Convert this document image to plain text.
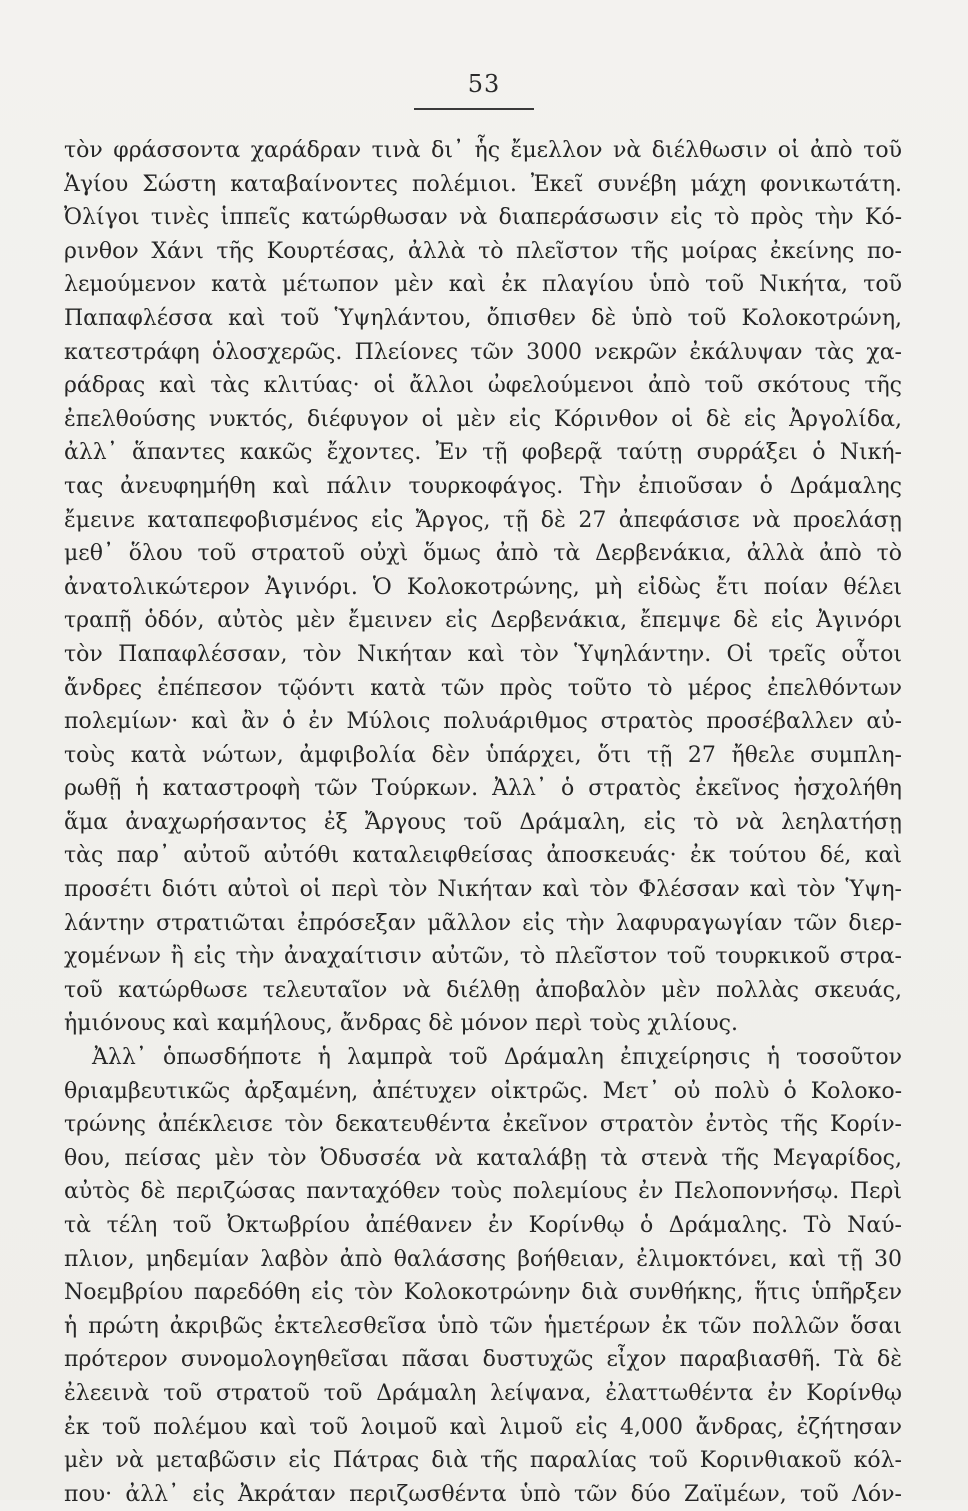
53
τὸν φράσσοντα χαράδραν τινὰ δι᾽ ἧς ἔμελλον νὰ διέλθωσιν οἱ ἀπὸ τοῦ
Ἁγίου Σώστη καταβαίνοντες πολέμιοι. Ἐκεῖ συνέβη μάχη φονικωτάτη.
Ὀλίγοι τινὲς ἱππεῖς κατώρθωσαν νὰ διαπεράσωσιν εἰς τὸ πρὸς τὴν Κό-
ρινθον Χάνι τῆς Κουρτέσας, ἀλλὰ τὸ πλεῖστον τῆς μοίρας ἐκείνης πο-
λεμούμενον κατὰ μέτωπον μὲν καὶ ἐκ πλαγίου ὑπὸ τοῦ Νικήτα, τοῦ
Παπαφλέσσα καὶ τοῦ Ὑψηλάντου, ὄπισθεν δὲ ὑπὸ τοῦ Κολοκοτρώνη,
κατεστράφη ὁλοσχερῶς. Πλείονες τῶν 3000 νεκρῶν ἐκάλυψαν τὰς χα-
ράδρας καὶ τὰς κλιτύας· οἱ ἄλλοι ὠφελούμενοι ἀπὸ τοῦ σκότους τῆς
ἐπελθούσης νυκτός, διέφυγον οἱ μὲν εἰς Κόρινθον οἱ δὲ εἰς Ἀργολίδα,
ἀλλ᾽ ἅπαντες κακῶς ἔχοντες. Ἐν τῇ φοβερᾷ ταύτῃ συρράξει ὁ Νική-
τας ἀνευφημήθη καὶ πάλιν τουρκοφάγος. Τὴν ἐπιοῦσαν ὁ Δράμαλης
ἔμεινε καταπεφοβισμένος εἰς Ἄργος, τῇ δὲ 27 ἀπεφάσισε νὰ προελάσῃ
μεθ᾽ ὅλου τοῦ στρατοῦ οὐχὶ ὅμως ἀπὸ τὰ Δερβενάκια, ἀλλὰ ἀπὸ τὸ
ἀνατολικώτερον Ἀγινόρι. Ὁ Κολοκοτρώνης, μὴ εἰδὼς ἔτι ποίαν θέλει
τραπῇ ὁδόν, αὐτὸς μὲν ἔμεινεν εἰς Δερβενάκια, ἔπεμψε δὲ εἰς Ἀγινόρι
τὸν Παπαφλέσσαν, τὸν Νικήταν καὶ τὸν Ὑψηλάντην. Οἱ τρεῖς οὗτοι
ἄνδρες ἐπέπεσον τῷόντι κατὰ τῶν πρὸς τοῦτο τὸ μέρος ἐπελθόντων
πολεμίων· καὶ ἂν ὁ ἐν Μύλοις πολυάριθμος στρατὸς προσέβαλλεν αὐ-
τοὺς κατὰ νώτων, ἀμφιβολία δὲν ὑπάρχει, ὅτι τῇ 27 ἤθελε συμπλη-
ρωθῇ ἡ καταστροφὴ τῶν Τούρκων. Ἀλλ᾽ ὁ στρατὸς ἐκεῖνος ἠσχολήθη
ἅμα ἀναχωρήσαντος ἐξ Ἄργους τοῦ Δράμαλη, εἰς τὸ νὰ λεηλατήσῃ
τὰς παρ᾽ αὐτοῦ αὐτόθι καταλειφθείσας ἀποσκευάς· ἐκ τούτου δέ, καὶ
προσέτι διότι αὐτοὶ οἱ περὶ τὸν Νικήταν καὶ τὸν Φλέσσαν καὶ τὸν Ὑψη-
λάντην στρατιῶται ἐπρόσεξαν μᾶλλον εἰς τὴν λαφυραγωγίαν τῶν διερ-
χομένων ἢ εἰς τὴν ἀναχαίτισιν αὐτῶν, τὸ πλεῖστον τοῦ τουρκικοῦ στρα-
τοῦ κατώρθωσε τελευταῖον νὰ διέλθῃ ἀποβαλὸν μὲν πολλὰς σκευάς,
ἡμιόνους καὶ καμήλους, ἄνδρας δὲ μόνον περὶ τοὺς χιλίους.
Ἀλλ᾽ ὁπωσδήποτε ἡ λαμπρὰ τοῦ Δράμαλη ἐπιχείρησις ἡ τοσοῦτον
θριαμβευτικῶς ἀρξαμένη, ἀπέτυχεν οἰκτρῶς. Μετ᾽ οὐ πολὺ ὁ Κολοκο-
τρώνης ἀπέκλεισε τὸν δεκατευθέντα ἐκεῖνον στρατὸν ἐντὸς τῆς Κορίν-
θου, πείσας μὲν τὸν Ὀδυσσέα νὰ καταλάβῃ τὰ στενὰ τῆς Μεγαρίδος,
αὐτὸς δὲ περιζώσας πανταχόθεν τοὺς πολεμίους ἐν Πελοποννήσῳ. Περὶ
τὰ τέλη τοῦ Ὀκτωβρίου ἀπέθανεν ἐν Κορίνθῳ ὁ Δράμαλης. Τὸ Ναύ-
πλιον, μηδεμίαν λαβὸν ἀπὸ θαλάσσης βοήθειαν, ἐλιμοκτόνει, καὶ τῇ 30
Νοεμβρίου παρεδόθη εἰς τὸν Κολοκοτρώνην διὰ συνθήκης, ἥτις ὑπῆρξεν
ἡ πρώτη ἀκριβῶς ἐκτελεσθεῖσα ὑπὸ τῶν ἡμετέρων ἐκ τῶν πολλῶν ὅσαι
πρότερον συνομολογηθεῖσαι πᾶσαι δυστυχῶς εἶχον παραβιασθῆ. Τὰ δὲ
ἐλεεινὰ τοῦ στρατοῦ τοῦ Δράμαλη λείψανα, ἐλαττωθέντα ἐν Κορίνθῳ
ἐκ τοῦ πολέμου καὶ τοῦ λοιμοῦ καὶ λιμοῦ εἰς 4,000 ἄνδρας, ἐζήτησαν
μὲν νὰ μεταβῶσιν εἰς Πάτρας διὰ τῆς παραλίας τοῦ Κορινθιακοῦ κόλ-
που· ἀλλ᾽ εἰς Ἀκράταν περιζωσθέντα ὑπὸ τῶν δύο Ζαϊμέων, τοῦ Λόν-
